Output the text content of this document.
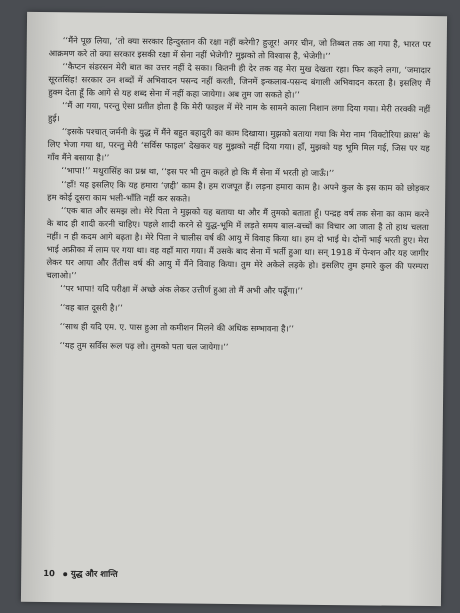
‘‘मैंने पूछ लिया, ‘तो क्या सरकार हिन्दुस्तान की रक्षा नहीं करेगी? हुजूर! अगर चीन, जो तिब्बत तक आ गया है, भारत पर आक्रमण करे तो क्या सरकार इसकी रक्षा में सेना नहीं भेजेगी? मुझको तो विश्वास है, भेजेगी।’’

‘‘कैप्टन संडरसन मेरी बात का उत्तर नहीं दे सका। कितनी ही देर तक वह मेरा मुख देखता रहा। फिर कहने लगा, ‘जमादार सूरतसिंह! सरकार उन शब्दों में अभिवादन पसन्द नहीं करती, जिनमें इन्कलाब-पसन्द बंगाली अभिवादन करता है। इसलिए मैं हुक्म देता हूँ कि आगे से यह शब्द सेना में नहीं कहा जायेगा। अब तुम जा सकते हो।’’

‘‘मैं आ गया, परन्तु ऐसा प्रतीत होता है कि मेरी फाइल में मेरे नाम के सामने काला निशान लगा दिया गया। मेरी तरक्की नहीं हुई।

‘‘इसके पश्चात् जर्मनी के युद्ध में मैंने बहुत बहादुरी का काम दिखाया। मुझको बताया गया कि मेरा नाम ‘विक्टोरिया क्रास’ के लिए भेजा गया था, परन्तु मेरी ‘सर्विस फाइल’ देखकर यह मुझको नहीं दिया गया। हाँ, मुझको यह भूमि मिल गई, जिस पर यह गाँव मैंने बसाया है।’’

‘‘भापा!’’ मथुरासिंह का प्रश्न था, ‘‘इस पर भी तुम कहते हो कि मैं सेना में भरती हो जाऊँ।’’

‘‘हाँ! यह इसलिए कि यह हमारा ‘ज़द्दी’ काम है। हम राजपूत हैं। लड़ना हमारा काम है। अपने कुल के इस काम को छोड़कर हम कोई दूसरा काम भली-भाँति नहीं कर सकते।

‘‘एक बात और समझ लो। मेरे पिता ने मुझको यह बताया था और मैं तुमको बताता हूँ। पन्द्रह वर्ष तक सेना का काम करने के बाद ही शादी करनी चाहिए। पहले शादी करने से युद्ध-भूमि में लड़ते समय बाल-बच्चों का विचार आ जाता है तो हाथ चलता नहीं। न ही कदम आगे बढ़ता है। मेरे पिता ने चालीस वर्ष की आयु में विवाह किया था। हम दो भाई थे। दोनों भाई भरती हुए। मेरा भाई अफ्रीका में लाम पर गया था। वह वहाँ मारा गया। मैं उसके बाद सेना में भर्ती हुआ था। सन् 1918 में पेन्शन और यह जागीर लेकर घर आया और तैंतीस वर्ष की आयु में मैंने विवाह किया। तुम मेरे अकेले लड़के हो। इसलिए तुम हमारे कुल की परम्परा चलाओ।’’

‘‘पर भापा! यदि परीक्षा में अच्छे अंक लेकर उत्तीर्ण हुआ तो मैं अभी और पढूँगा।’’

‘‘वह बात दूसरी है।’’

‘‘साथ ही यदि एम. ए. पास हुआ तो कमीशन मिलने की अधिक सम्भावना है।’’

‘‘यह तुम सर्विस रूल पढ़ लो। तुमको पता चल जायेगा।’’

10 युद्ध और शान्ति
